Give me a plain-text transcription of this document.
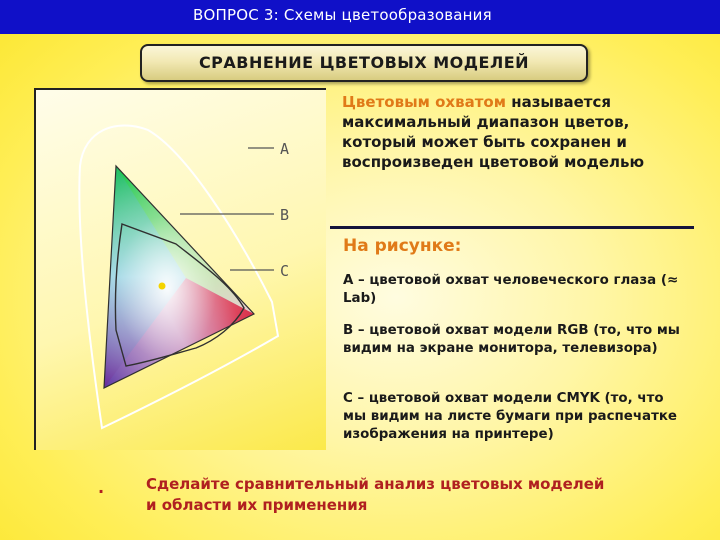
ВОПРОС 3: Схемы цветообразования
СРАВНЕНИЕ ЦВЕТОВЫХ МОДЕЛЕЙ
A
B
C

Цветовым охватом называется максимальный диапазон цветов, который может быть сохранен и воспроизведен цветовой моделью

На рисунке:

А – цветовой охват человеческого глаза (≈ Lab)

В – цветовой охват модели RGB (то, что мы видим на экране монитора, телевизора)

С – цветовой охват модели CMYK (то, что мы видим на листе бумаги при распечатке изображения на принтере)

.	Сделайте сравнительный анализ цветовых моделей и области их применения
